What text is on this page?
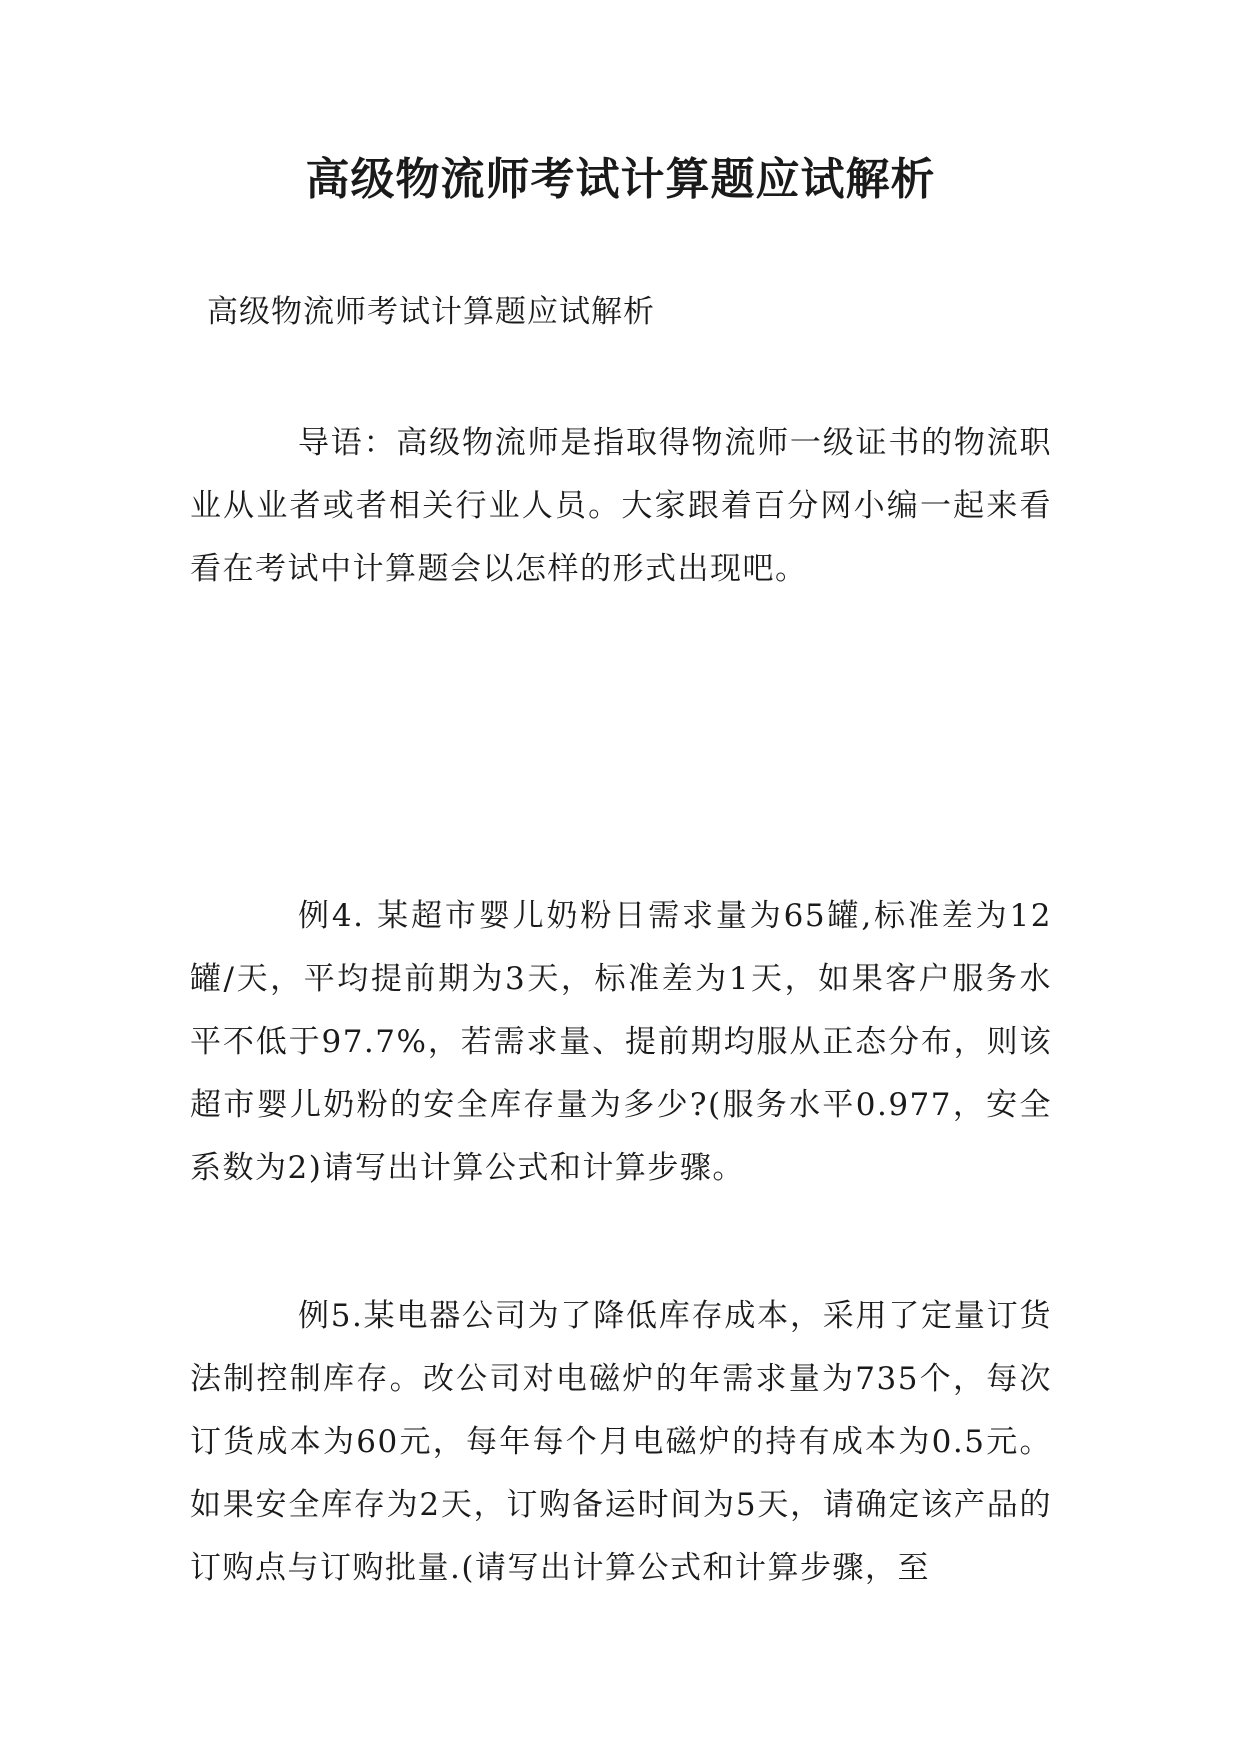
高级物流师考试计算题应试解析

高级物流师考试计算题应试解析

导语：高级物流师是指取得物流师一级证书的物流职业从业者或者相关行业人员。大家跟着百分网小编一起来看看在考试中计算题会以怎样的形式出现吧。

例4. 某超市婴儿奶粉日需求量为65罐,标准差为12罐/天，平均提前期为3天，标准差为1天，如果客户服务水平不低于97.7%，若需求量、提前期均服从正态分布，则该超市婴儿奶粉的安全库存量为多少?(服务水平0.977，安全系数为2)请写出计算公式和计算步骤。

例5.某电器公司为了降低库存成本，采用了定量订货法制控制库存。改公司对电磁炉的年需求量为735个，每次订货成本为60元，每年每个月电磁炉的持有成本为0.5元。如果安全库存为2天，订购备运时间为5天，请确定该产品的订购点与订购批量.(请写出计算公式和计算步骤，至
